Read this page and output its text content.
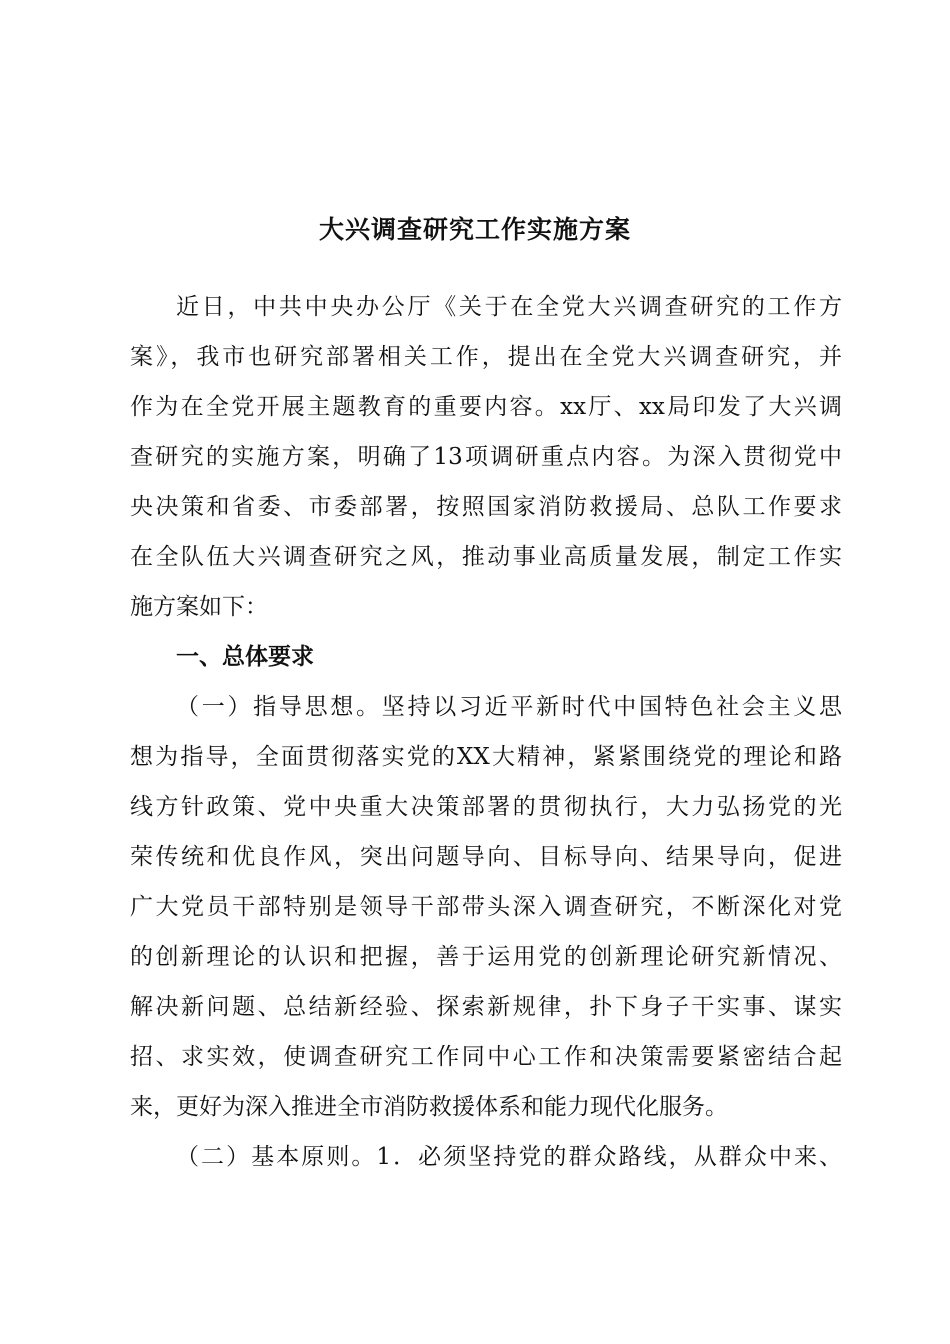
大兴调查研究工作实施方案
近日，中共中央办公厅《关于在全党大兴调查研究的工作方
案》，我市也研究部署相关工作，提出在全党大兴调查研究，并
作为在全党开展主题教育的重要内容。xx厅、xx局印发了大兴调
查研究的实施方案，明确了13项调研重点内容。为深入贯彻党中
央决策和省委、市委部署，按照国家消防救援局、总队工作要求
在全队伍大兴调查研究之风，推动事业高质量发展，制定工作实
施方案如下：
一、总体要求
（一）指导思想。坚持以习近平新时代中国特色社会主义思
想为指导，全面贯彻落实党的XX大精神，紧紧围绕党的理论和路
线方针政策、党中央重大决策部署的贯彻执行，大力弘扬党的光
荣传统和优良作风，突出问题导向、目标导向、结果导向，促进
广大党员干部特别是领导干部带头深入调查研究，不断深化对党
的创新理论的认识和把握，善于运用党的创新理论研究新情况、
解决新问题、总结新经验、探索新规律，扑下身子干实事、谋实
招、求实效，使调查研究工作同中心工作和决策需要紧密结合起
来，更好为深入推进全市消防救援体系和能力现代化服务。
（二）基本原则。1．必须坚持党的群众路线，从群众中来、
